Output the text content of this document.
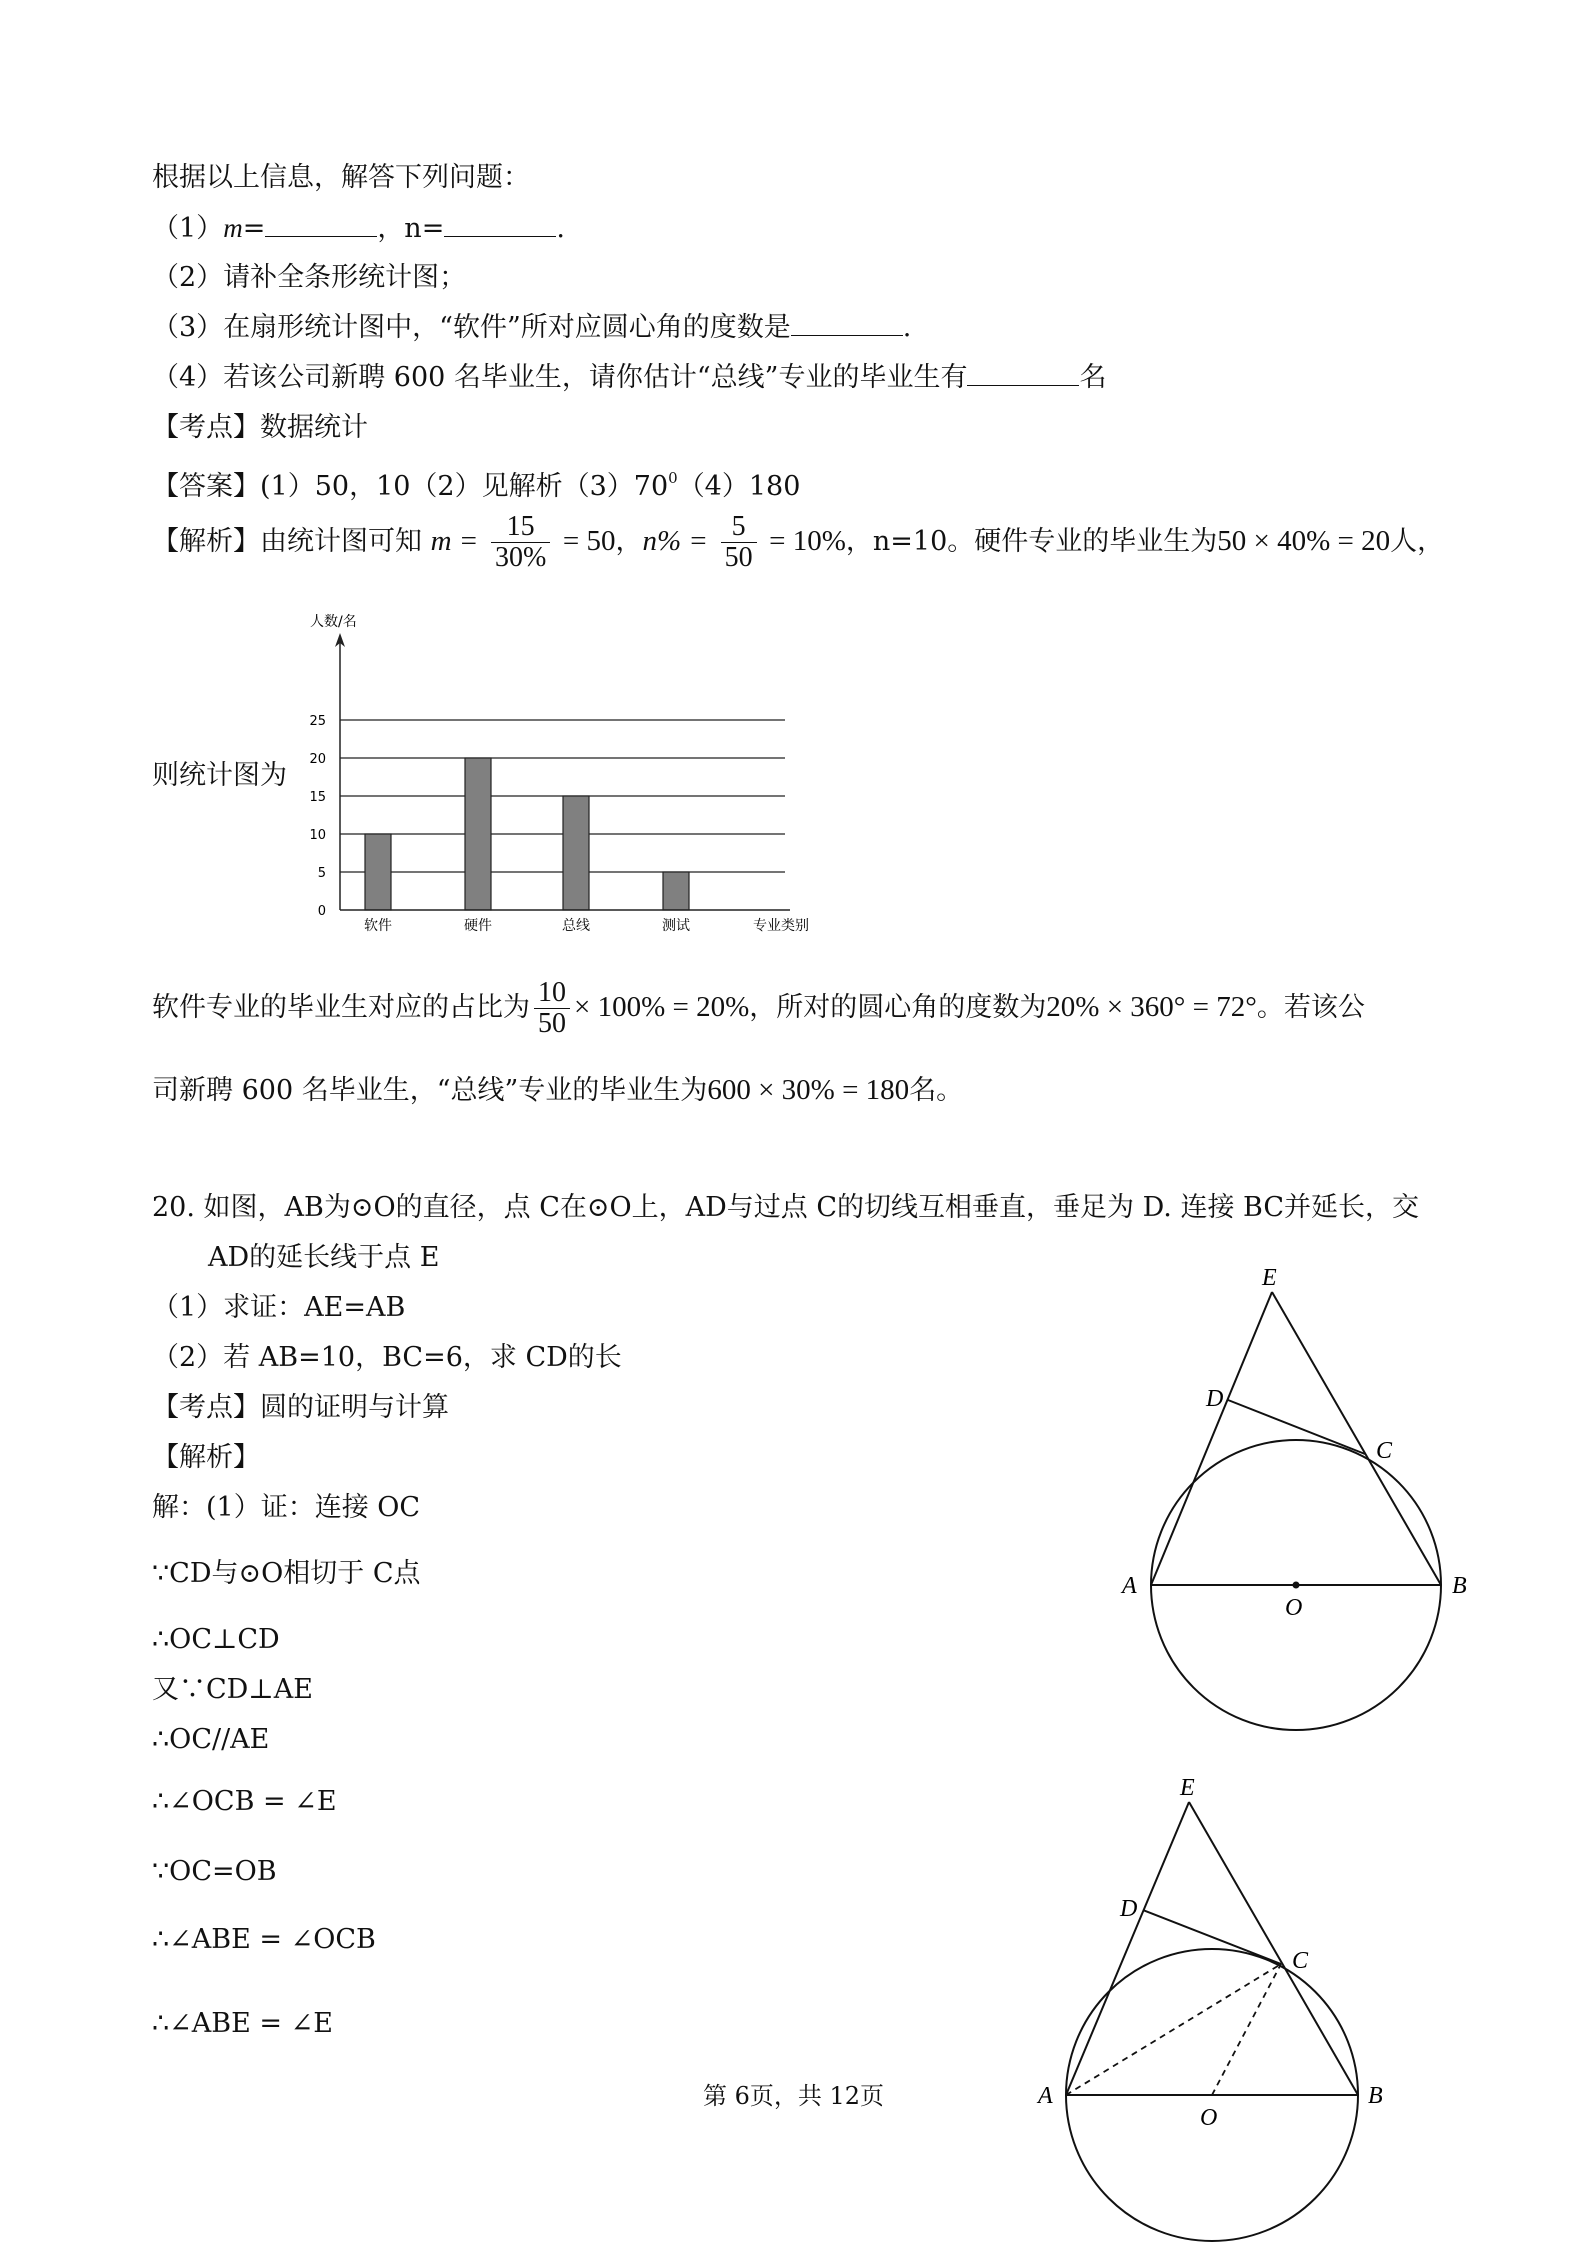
根据以上信息，解答下列问题：
（1）m=	，n=	.
（2）请补全条形统计图；
（3）在扇形统计图中，“软件”所对应圆心角的度数是	.
（4）若该公司新聘 600 名毕业生，请你估计“总线”专业的毕业生有	名
【考点】数据统计
【答案】(1）50，10（2）见解析$(3)70^0(4)180$
【解析】由统计图可知 $m = \frac{15}{30\%} = 50$，$n\% = \frac{5}{50} = 10\%$，n=10。硬件专业的毕业生为50 × 40% = 20人，
则统计图为
人数/名
0
5
10
15
20
25
软件	硬件	总线	测试	专业类别
软件专业的毕业生对应的占比为 $\frac{10}{50} \times 100\% = 20\%$，所对的圆心角的度数为20% × 360° = 72°。若该公
司新聘 600 名毕业生，“总线”专业的毕业生为600 × 30% = 180名。
20. 如图，AB为⊙O的直径，点 C在⊙O上，AD与过点 C的切线互相垂直，垂足为 D. 连接 BC并延长，交
AD的延长线于点 E
（1）求证：AE=AB
（2）若 AB=10，BC=6，求 CD的长
【考点】圆的证明与计算
【解析】
解：(1）证：连接 OC
∵CD与⊙O相切于 C点
∴OC⊥CD
又∵CD⊥AE
∴OC//AE
∴∠OCB = ∠E
∵OC=OB
∴∠ABE = ∠OCB
∴∠ABE = ∠E
E
D
C
A
O
B
E
D
C
A
O
B
第 6页，共 12页
